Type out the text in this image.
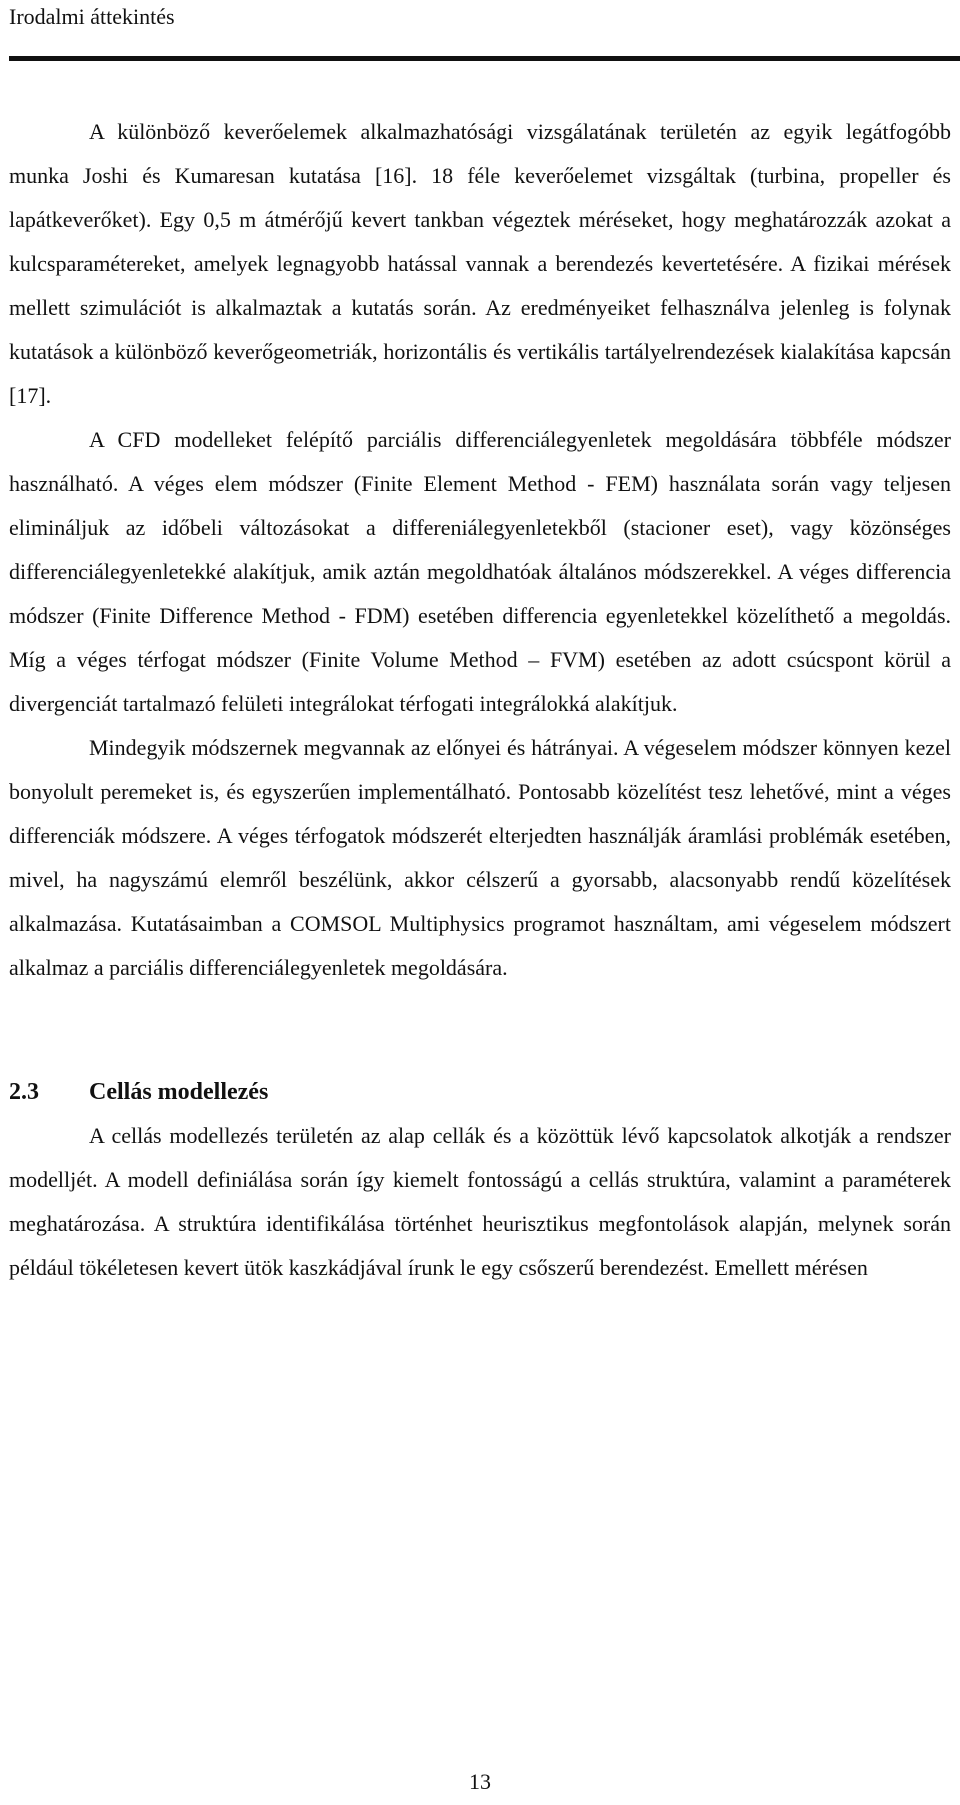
Irodalmi áttekintés

A különböző keverőelemek alkalmazhatósági vizsgálatának területén az egyik legátfogóbb munka Joshi és Kumaresan kutatása [16]. 18 féle keverőelemet vizsgáltak (turbina, propeller és lapátkeverőket). Egy 0,5 m átmérőjű kevert tankban végeztek méréseket, hogy meghatározzák azokat a kulcsparamétereket, amelyek legnagyobb hatással vannak a berendezés kevertetésére. A fizikai mérések mellett szimulációt is alkalmaztak a kutatás során. Az eredményeiket felhasználva jelenleg is folynak kutatások a különböző keverőgeometriák, horizontális és vertikális tartályelrendezések kialakítása kapcsán [17].

A CFD modelleket felépítő parciális differenciálegyenletek megoldására többféle módszer használható. A véges elem módszer (Finite Element Method - FEM) használata során vagy teljesen elimináljuk az időbeli változásokat a differeniálegyenletekből (stacioner eset), vagy közönséges differenciálegyenletekké alakítjuk, amik aztán megoldhatóak általános módszerekkel. A véges differencia módszer (Finite Difference Method - FDM) esetében differencia egyenletekkel közelíthető a megoldás. Míg a véges térfogat módszer (Finite Volume Method – FVM) esetében az adott csúcspont körül a divergenciát tartalmazó felületi integrálokat térfogati integrálokká alakítjuk.

Mindegyik módszernek megvannak az előnyei és hátrányai. A végeselem módszer könnyen kezel bonyolult peremeket is, és egyszerűen implementálható. Pontosabb közelítést tesz lehetővé, mint a véges differenciák módszere. A véges térfogatok módszerét elterjedten használják áramlási problémák esetében, mivel, ha nagyszámú elemről beszélünk, akkor célszerű a gyorsabb, alacsonyabb rendű közelítések alkalmazása. Kutatásaimban a COMSOL Multiphysics programot használtam, ami végeselem módszert alkalmaz a parciális differenciálegyenletek megoldására.

2.3 Cellás modellezés

A cellás modellezés területén az alap cellák és a közöttük lévő kapcsolatok alkotják a rendszer modelljét. A modell definiálása során így kiemelt fontosságú a cellás struktúra, valamint a paraméterek meghatározása. A struktúra identifikálása történhet heurisztikus megfontolások alapján, melynek során például tökéletesen kevert ütök kaszkádjával írunk le egy csőszerű berendezést. Emellett mérésen

13
